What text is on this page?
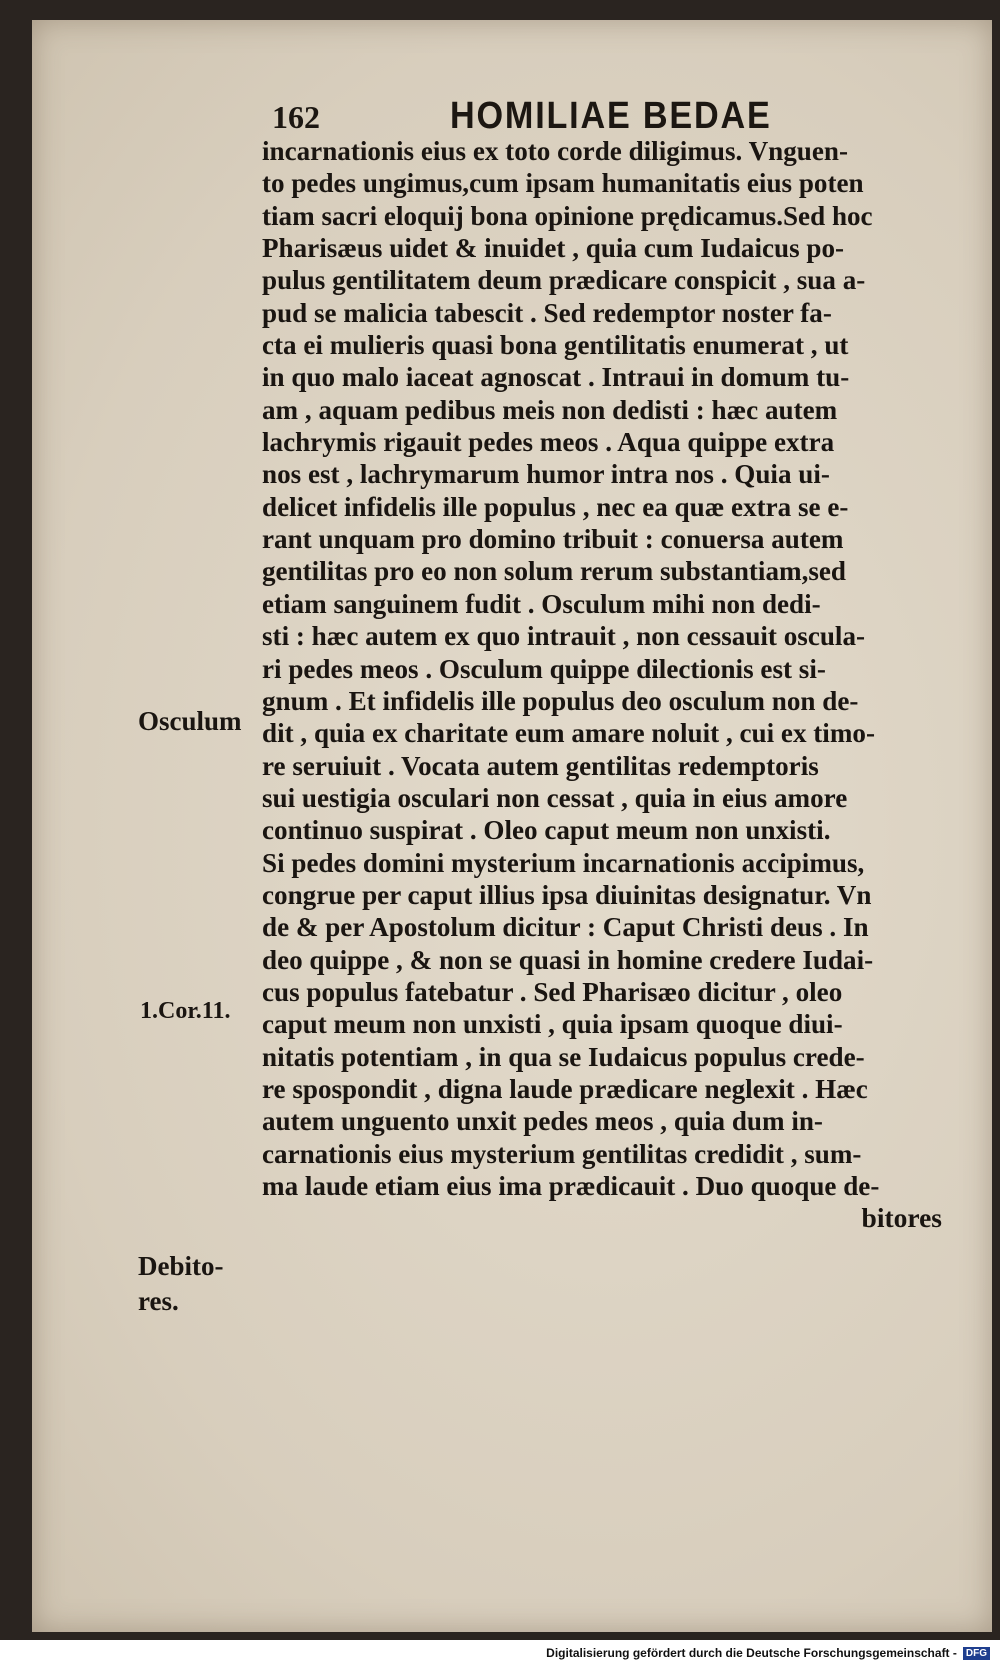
162	HOMILIAE BEDAE
incarnationis eius ex toto corde diligimus. Vnguen-
to pedes ungimus,cum ipsam humanitatis eius poten
tiam sacri eloquij bona opinione prędicamus.Sed hoc
Pharisæus uidet & inuidet , quia cum Iudaicus po-
pulus gentilitatem deum prædicare conspicit , sua a-
pud se malicia tabescit . Sed redemptor noster fa-
cta ei mulieris quasi bona gentilitatis enumerat , ut
in quo malo iaceat agnoscat . Intraui in domum tu-
am , aquam pedibus meis non dedisti : hæc autem
lachrymis rigauit pedes meos . Aqua quippe extra
nos est , lachrymarum humor intra nos . Quia ui-
delicet infidelis ille populus , nec ea quæ extra se e-
rant unquam pro domino tribuit : conuersa autem
gentilitas pro eo non solum rerum substantiam,sed
etiam sanguinem fudit . Osculum mihi non dedi-
sti : hæc autem ex quo intrauit , non cessauit oscula-
ri pedes meos . Osculum quippe dilectionis est si-
gnum . Et infidelis ille populus deo osculum non de-
dit , quia ex charitate eum amare noluit , cui ex timo-
re seruiuit . Vocata autem gentilitas redemptoris
sui uestigia osculari non cessat , quia in eius amore
continuo suspirat . Oleo caput meum non unxisti.
Si pedes domini mysterium incarnationis accipimus,
congrue per caput illius ipsa diuinitas designatur. Vn
de & per Apostolum dicitur : Caput Christi deus . In
deo quippe , & non se quasi in homine credere Iudai-
cus populus fatebatur . Sed Pharisæo dicitur , oleo
caput meum non unxisti , quia ipsam quoque diui-
nitatis potentiam , in qua se Iudaicus populus crede-
re spospondit , digna laude prædicare neglexit . Hæc
autem unguento unxit pedes meos , quia dum in-
carnationis eius mysterium gentilitas credidit , sum-
ma laude etiam eius ima prædicauit . Duo quoque de-
bitores
Osculum
1.Cor.11.
Debito-
res.
Digitalisierung gefördert durch die Deutsche Forschungsgemeinschaft - DFG
